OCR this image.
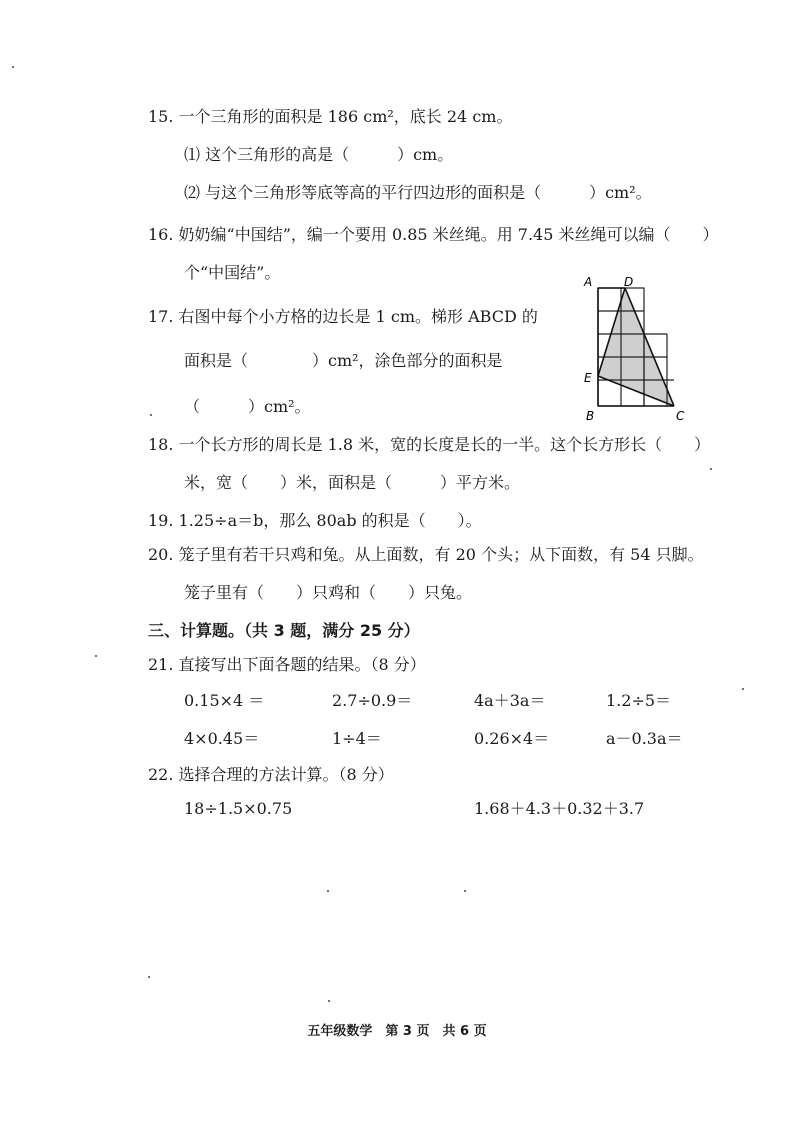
15. 一个三角形的面积是 186 cm²，底长 24 cm。
⑴ 这个三角形的高是（　　　）cm。
⑵ 与这个三角形等底等高的平行四边形的面积是（　　　）cm²。
16. 奶奶编“中国结”，编一个要用 0.85 米丝绳。用 7.45 米丝绳可以编（　　）
个“中国结”。
17. 右图中每个小方格的边长是 1 cm。梯形 ABCD 的
面积是（　　　　）cm²，涂色部分的面积是
（　　　）cm²。
A	D
E
B	C
18. 一个长方形的周长是 1.8 米，宽的长度是长的一半。这个长方形长（　　）
米，宽（　　）米，面积是（　　　）平方米。
19. 1.25÷a＝b，那么 80ab 的积是（　　）。
20. 笼子里有若干只鸡和兔。从上面数，有 20 个头；从下面数，有 54 只脚。
笼子里有（　　）只鸡和（　　）只兔。
三、计算题。（共 3 题，满分 25 分）
21. 直接写出下面各题的结果。（8 分）
0.15×4 ＝	2.7÷0.9＝	4a＋3a＝	1.2÷5＝
4×0.45＝	1÷4＝	0.26×4＝	a－0.3a＝
22. 选择合理的方法计算。（8 分）
18÷1.5×0.75	1.68＋4.3＋0.32＋3.7
五年级数学　第 3 页　共 6 页
